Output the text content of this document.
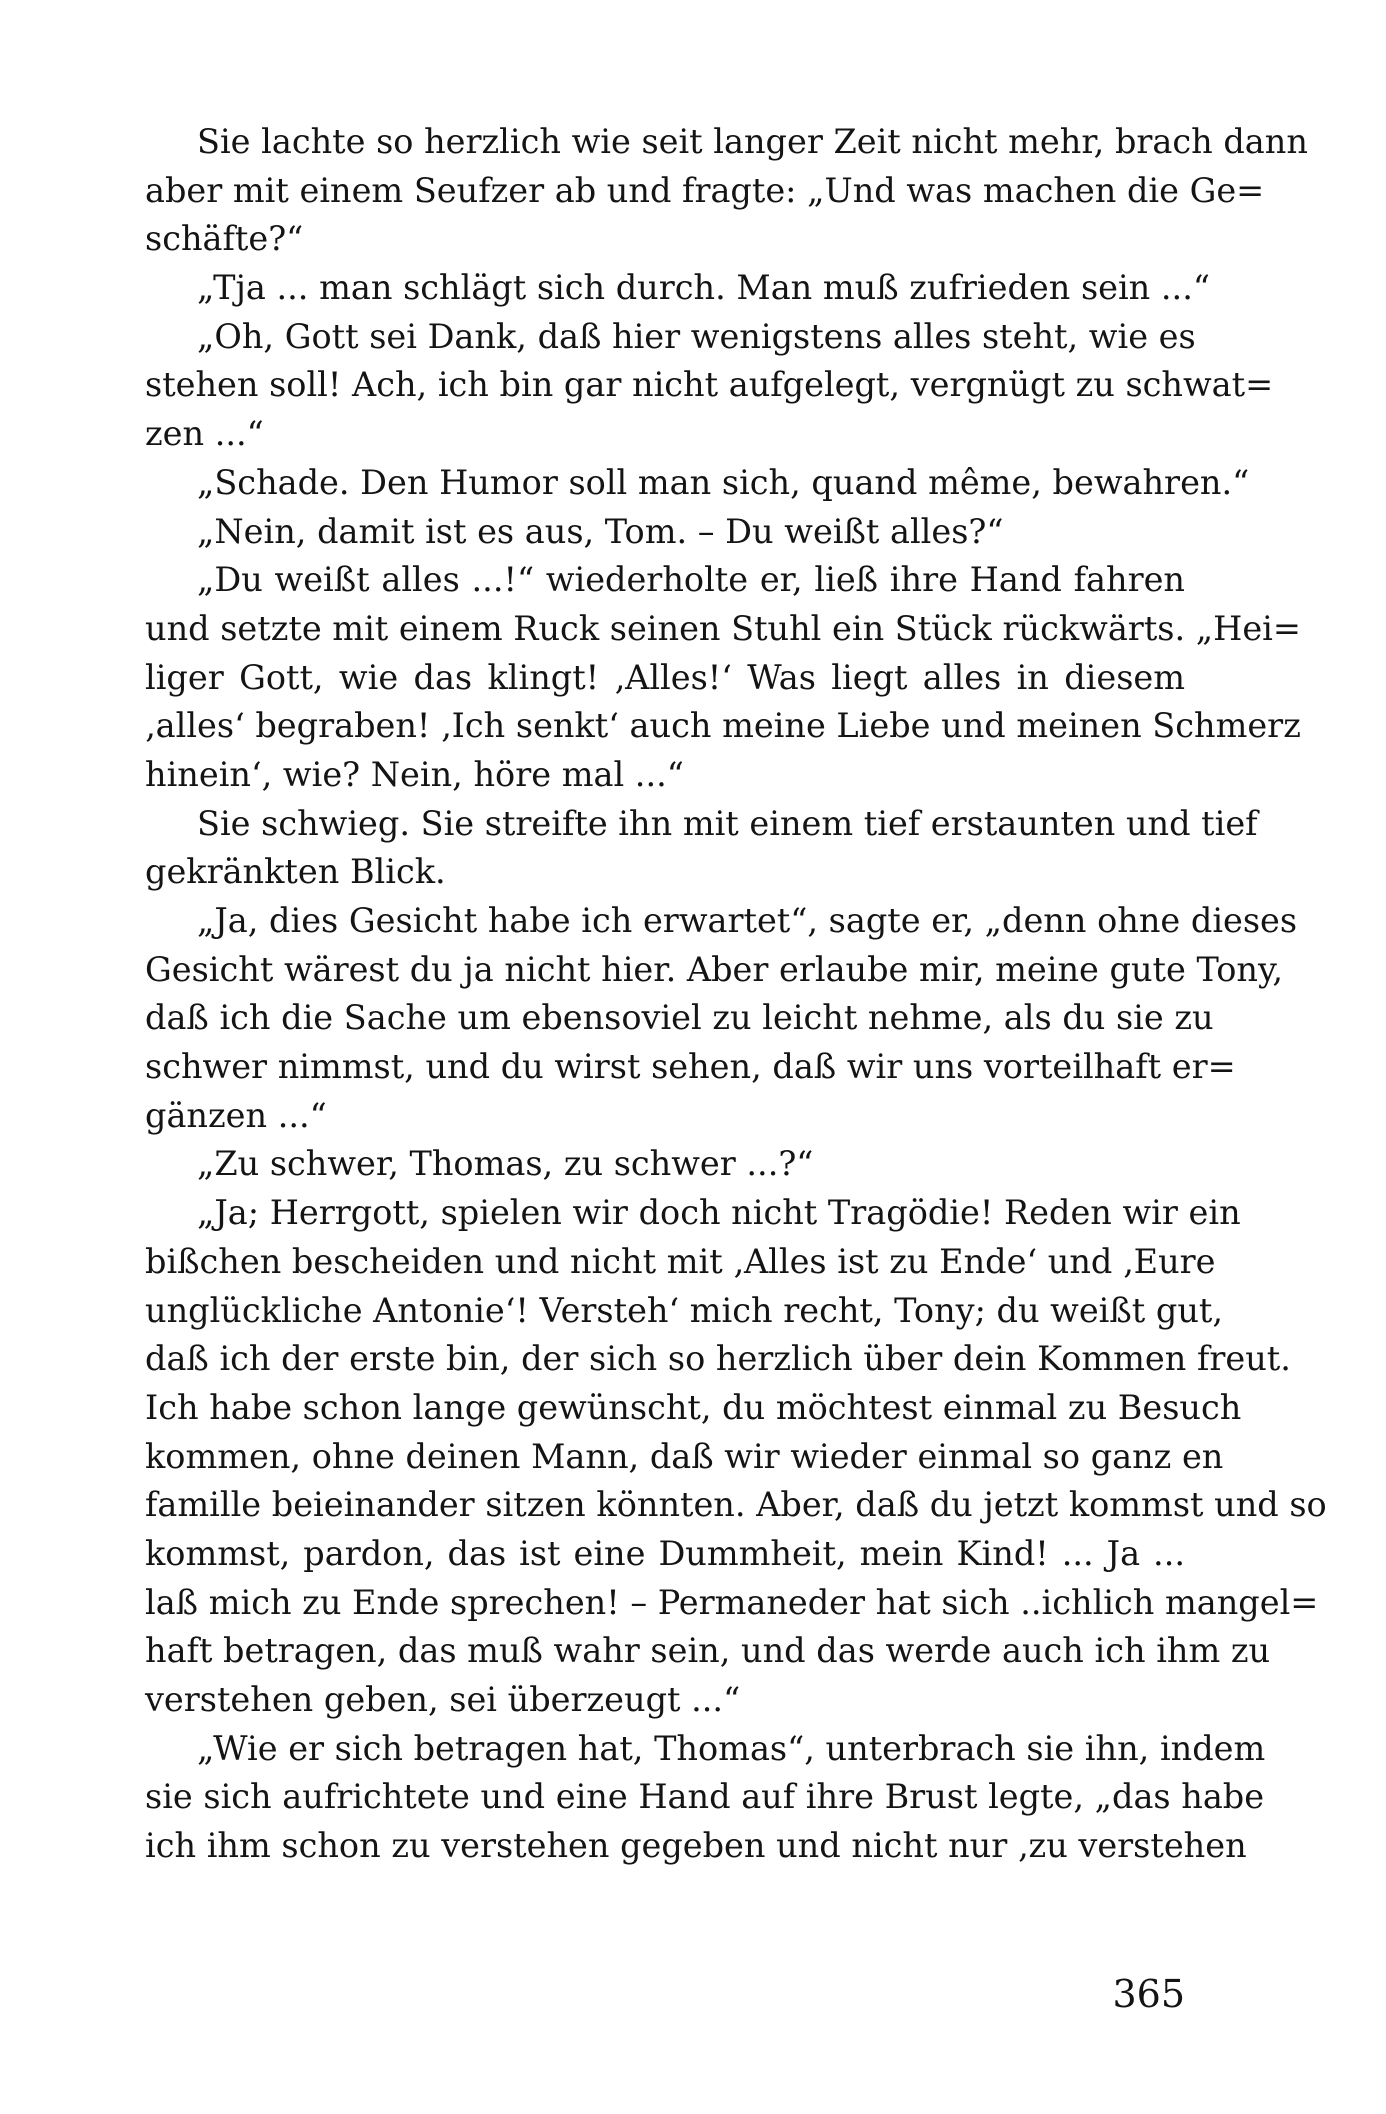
Sie lachte so herzlich wie seit langer Zeit nicht mehr, brach dann
aber mit einem Seufzer ab und fragte: „Und was machen die Ge=
schäfte?“
„Tja ... man schlägt sich durch. Man muß zufrieden sein ...“
„Oh, Gott sei Dank, daß hier wenigstens alles steht, wie es
stehen soll! Ach, ich bin gar nicht aufgelegt, vergnügt zu schwat=
zen ...“
„Schade. Den Humor soll man sich, quand même, bewahren.“
„Nein, damit ist es aus, Tom. – Du weißt alles?“
„Du weißt alles ...!“ wiederholte er, ließ ihre Hand fahren
und setzte mit einem Ruck seinen Stuhl ein Stück rückwärts. „Hei=
liger Gott, wie das klingt! ‚Alles!‘ Was liegt alles in diesem
‚alles‘ begraben! ‚Ich senkt‘ auch meine Liebe und meinen Schmerz
hinein‘, wie? Nein, höre mal ...“
Sie schwieg. Sie streifte ihn mit einem tief erstaunten und tief
gekränkten Blick.
„Ja, dies Gesicht habe ich erwartet“, sagte er, „denn ohne dieses
Gesicht wärest du ja nicht hier. Aber erlaube mir, meine gute Tony,
daß ich die Sache um ebensoviel zu leicht nehme, als du sie zu
schwer nimmst, und du wirst sehen, daß wir uns vorteilhaft er=
gänzen ...“
„Zu schwer, Thomas, zu schwer ...?“
„Ja; Herrgott, spielen wir doch nicht Tragödie! Reden wir ein
bißchen bescheiden und nicht mit ‚Alles ist zu Ende‘ und ‚Eure
unglückliche Antonie‘! Versteh‘ mich recht, Tony; du weißt gut,
daß ich der erste bin, der sich so herzlich über dein Kommen freut.
Ich habe schon lange gewünscht, du möchtest einmal zu Besuch
kommen, ohne deinen Mann, daß wir wieder einmal so ganz en
famille beieinander sitzen könnten. Aber, daß du jetzt kommst und so
kommst, pardon, das ist eine Dummheit, mein Kind! ... Ja ...
laß mich zu Ende sprechen! – Permaneder hat sich ..ichlich mangel=
haft betragen, das muß wahr sein, und das werde auch ich ihm zu
verstehen geben, sei überzeugt ...“
„Wie er sich betragen hat, Thomas“, unterbrach sie ihn, indem
sie sich aufrichtete und eine Hand auf ihre Brust legte, „das habe
ich ihm schon zu verstehen gegeben und nicht nur ‚zu verstehen
365
